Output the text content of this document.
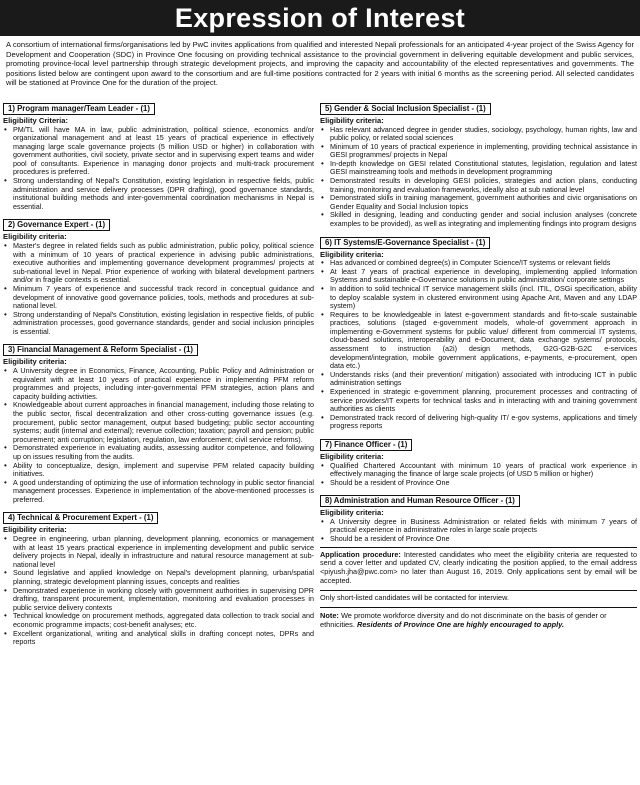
Expression of Interest
A consortium of international firms/organisations led by PwC invites applications from qualified and interested Nepali professionals for an anticipated 4-year project of the Swiss Agency for Development and Cooperation (SDC) in Province One focusing on providing technical assistance to the provincial government in delivering equitable development and public services, promoting province-local level partnership through strategic development projects, and improving the capacity and accountability of the elected representatives and governments. The positions listed below are contingent upon award to the consortium and are full-time positions contracted for 2 years with initial 6 months as the screening period. All selected candidates will be stationed at Province One for the duration of the project.
1) Program manager/Team Leader - (1)
Eligibility Criteria:
• PM/TL will have MA in law, public administration, political science, economics and/or organizational management and at least 15 years of practical experience in effectively managing large scale governance projects (5 million USD or higher) in collaboration with government authorities, civil society, private sector and in supervising expert teams and wider pool of consultants. Experience in managing donor projects and multi-track procurement procedures is preferred.
• Strong understanding of Nepal's Constitution, existing legislation in respective fields, public administration and service delivery processes (DPR drafting), good governance standards, institutional building methods and inter-governmental coordination mechanisms in Nepal is essential.
2) Governance Expert - (1)
Eligibility criteria:
• Master's degree in related fields such as public administration, public policy, political science with a minimum of 10 years of practical experience in advising public administrations, executive authorities and implementing governance development programmes/ projects at sub-national level in Nepal. Prior experience of working with bilateral development partners and/or in fragile contexts is essential.
• Minimum 7 years of experience and successful track record in conceptual guidance and development of innovative good governance policies, tools, methods and procedures at sub-national level.
• Strong understanding of Nepal's Constitution, existing legislation in respective fields, of public administration processes, good governance standards, gender and social inclusion principles is essential.
3) Financial Management & Reform Specialist - (1)
Eligibility criteria:
• A University degree in Economics, Finance, Accounting, Public Policy and Administration or equivalent with at least 10 years of practical experience in implementing PFM reform programmes and projects, including inter-governmental PFM strategies, action plans and capacity building activities.
• Knowledgeable about current approaches in financial management, including those relating to the public sector, fiscal decentralization and other cross-cutting governance issues (e.g. procurement, public sector management, output based budgeting; public sector accounting systems; audit (internal and external); revenue collection; taxation; payroll and pension; public procurement; anti corruption; legislation, regulation, law enforcement; civil service reforms).
• Demonstrated experience in evaluating audits, assessing auditor competence, and following up on issues resulting from the audits.
• Ability to conceptualize, design, implement and supervise PFM related capacity building initiatives.
• A good understanding of optimizing the use of information technology in public sector financial management processes. Experience in implementation of the above-mentioned processes is preferred.
4) Technical & Procurement Expert - (1)
Eligibility criteria:
• Degree in engineering, urban planning, development planning, economics or management with at least 15 years practical experience in implementing development and public service delivery projects in Nepal, ideally in infrastructure and natural resource management at sub-national level
• Sound legislative and applied knowledge on Nepal's development planning, urban/spatial planning, strategic development planning issues, concepts and realities
• Demonstrated experience in working closely with government authorities in supervising DPR drafting, transparent procurement, implementation, monitoring and evaluation processes in public service delivery contexts
• Technical knowledge on procurement methods, aggregated data collection to track social and economic programme impacts; cost-benefit analyses; etc.
• Excellent organizational, writing and analytical skills in drafting concept notes, DPRs and reports
5) Gender & Social Inclusion Specialist - (1)
Eligibility criteria:
• Has relevant advanced degree in gender studies, sociology, psychology, human rights, law and public policy, or related social sciences
• Minimum of 10 years of practical experience in implementing, providing technical assistance in GESI programmes/ projects in Nepal
• In-depth knowledge on GESI related Constitutional statutes, legislation, regulation and latest GESI mainstreaming tools and methods in development programming
• Demonstrated results in developing GESI policies, strategies and action plans, conducting training, monitoring and evaluation frameworks, ideally also at sub national level
• Demonstrated skills in training management, government authorities and civic organisations on Gender Equality and Social Inclusion topics
• Skilled in designing, leading and conducting gender and social inclusion analyses (concrete examples to be provided), as well as integrating and implementing findings into program designs
6) IT Systems/E-Governance Specialist - (1)
Eligibility criteria:
• Has advanced or combined degree(s) in Computer Science/IT systems or relevant fields
• At least 7 years of practical experience in developing, implementing applied Information Systems and sustainable e-Governance solutions in public administration/ corporate settings
• In addition to solid technical IT service management skills (incl. ITIL, OSGi specification, ability to deploy scalable system in clustered environment using Apache Ant, Maven and any LDAP system)
• Requires to be knowledgeable in latest e-government standards and fit-to-scale sustainable practices, solutions (staged e-government models, whole-of government approach in implementing e-Government systems for public value/ different from commercial IT systems, cloud-based solutions, interoperability and e-Document, data exchange systems/ protocols, assessment to instruction (a2i) design methods, G2G-G2B-G2C e-services development/integration, mobile government applications, e-payments, e-procurement, open data etc.)
• Understands risks (and their prevention/ mitigation) associated with introducing ICT in public administration settings
• Experienced in strategic e-government planning, procurement processes and contracting of service providers/IT experts for technical tasks and in interacting with and training government authorities as clients
• Demonstrated track record of delivering high-quality IT/ e-gov systems, applications and timely progress reports
7) Finance Officer - (1)
Eligibility criteria:
• Qualified Chartered Accountant with minimum 10 years of practical work experience in effectively managing the finance of large scale projects (of USD 5 million or higher)
• Should be a resident of Province One
8) Administration and Human Resource Officer - (1)
Eligibility criteria:
• A University degree in Business Administration or related fields with minimum 7 years of practical experience in administrative roles in large scale projects
• Should be a resident of Province One
Application procedure: Interested candidates who meet the eligibility criteria are requested to send a cover letter and updated CV, clearly indicating the position applied, to the email address <piyush.jha@pwc.com> no later than August 16, 2019. Only applications sent by email will be accepted.
Only short-listed candidates will be contacted for interview.
Note: We promote workforce diversity and do not discriminate on the basis of gender or ethnicities. Residents of Province One are highly encouraged to apply.
